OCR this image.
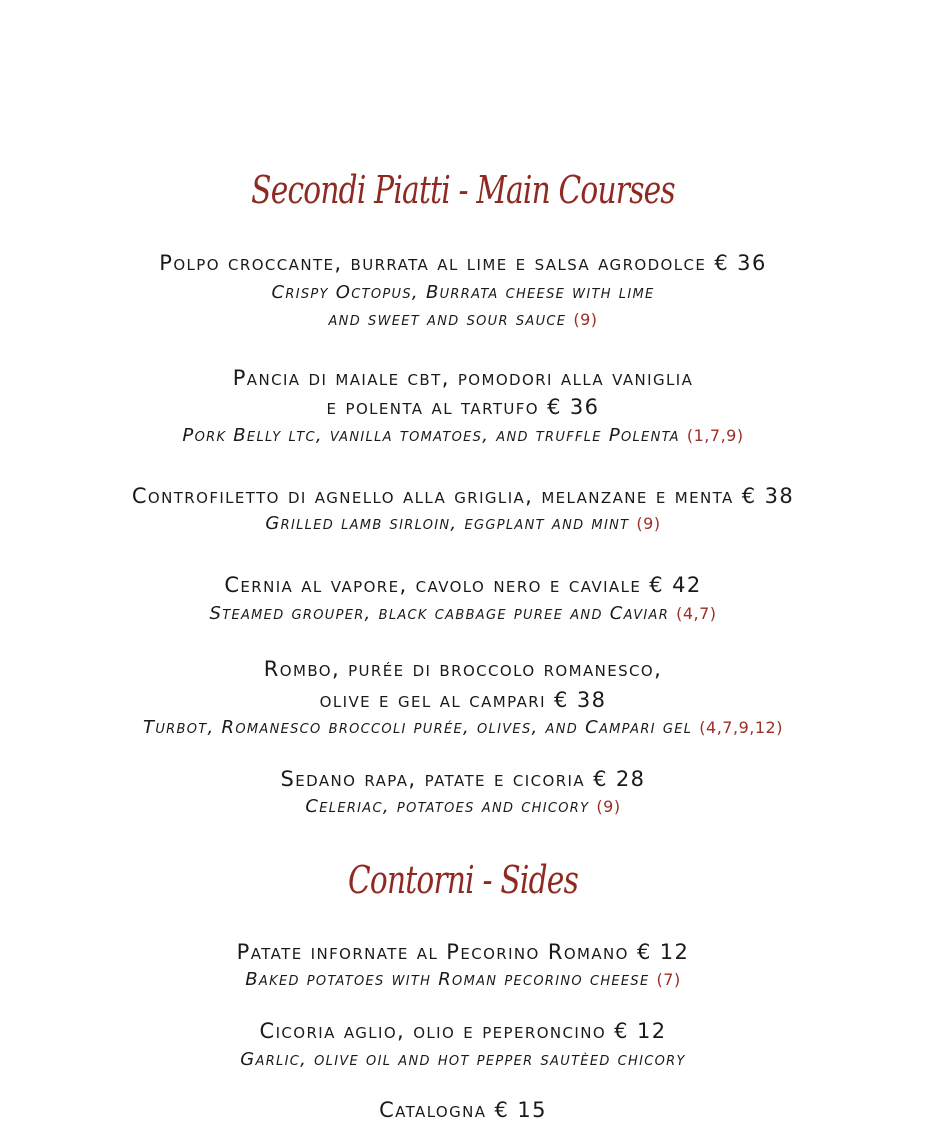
Secondi Piatti - Main Courses
Polpo croccante, burrata al lime e salsa agrodolce € 36
Crispy Octopus, Burrata cheese with lime
and sweet and sour sauce (9)
Pancia di maiale cbt, pomodori alla vaniglia
e polenta al tartufo € 36
Pork Belly ltc, vanilla tomatoes, and truffle Polenta (1,7,9)
Controfiletto di agnello alla griglia, melanzane e menta € 38
Grilled lamb sirloin, eggplant and mint (9)
Cernia al vapore, cavolo nero e caviale € 42
Steamed grouper, black cabbage puree and Caviar (4,7)
Rombo, purée di broccolo romanesco,
olive e gel al campari € 38
Turbot, Romanesco broccoli purée, olives, and Campari gel (4,7,9,12)
Sedano rapa, patate e cicoria € 28
Celeriac, potatoes and chicory (9)
Contorni - Sides
Patate infornate al Pecorino Romano € 12
Baked potatoes with Roman pecorino cheese (7)
Cicoria aglio, olio e peperoncino € 12
Garlic, olive oil and hot pepper sautèed chicory
Catalogna € 15
